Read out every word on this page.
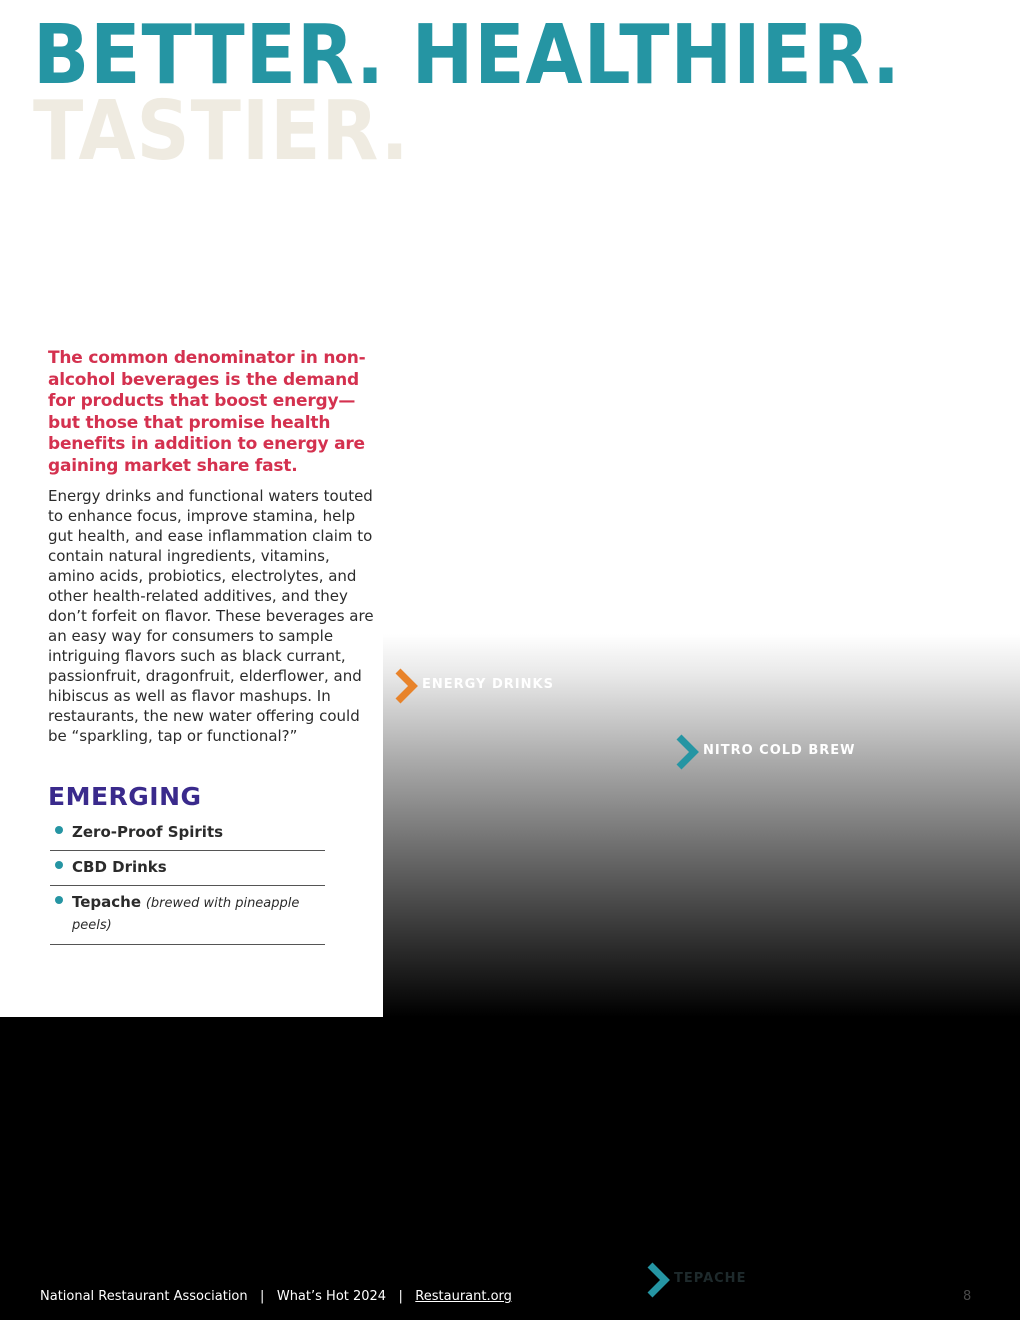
BETTER. HEALTHIER.
TASTIER.

The common denominator in non-alcohol beverages is the demand for products that boost energy—but those that promise health benefits in addition to energy are gaining market share fast.

Energy drinks and functional waters touted to enhance focus, improve stamina, help gut health, and ease inflammation claim to contain natural ingredients, vitamins, amino acids, probiotics, electrolytes, and other health-related additives, and they don’t forfeit on flavor. These beverages are an easy way for consumers to sample intriguing flavors such as black currant, passionfruit, dragonfruit, elderflower, and hibiscus as well as flavor mashups. In restaurants, the new water offering could be “sparkling, tap or functional?”

EMERGING
Zero-Proof Spirits
CBD Drinks
Tepache (brewed with pineapple peels)
ENERGY DRINKS
NITRO COLD BREW
TEPACHE
National Restaurant Association | What’s Hot 2024 | Restaurant.org	8
